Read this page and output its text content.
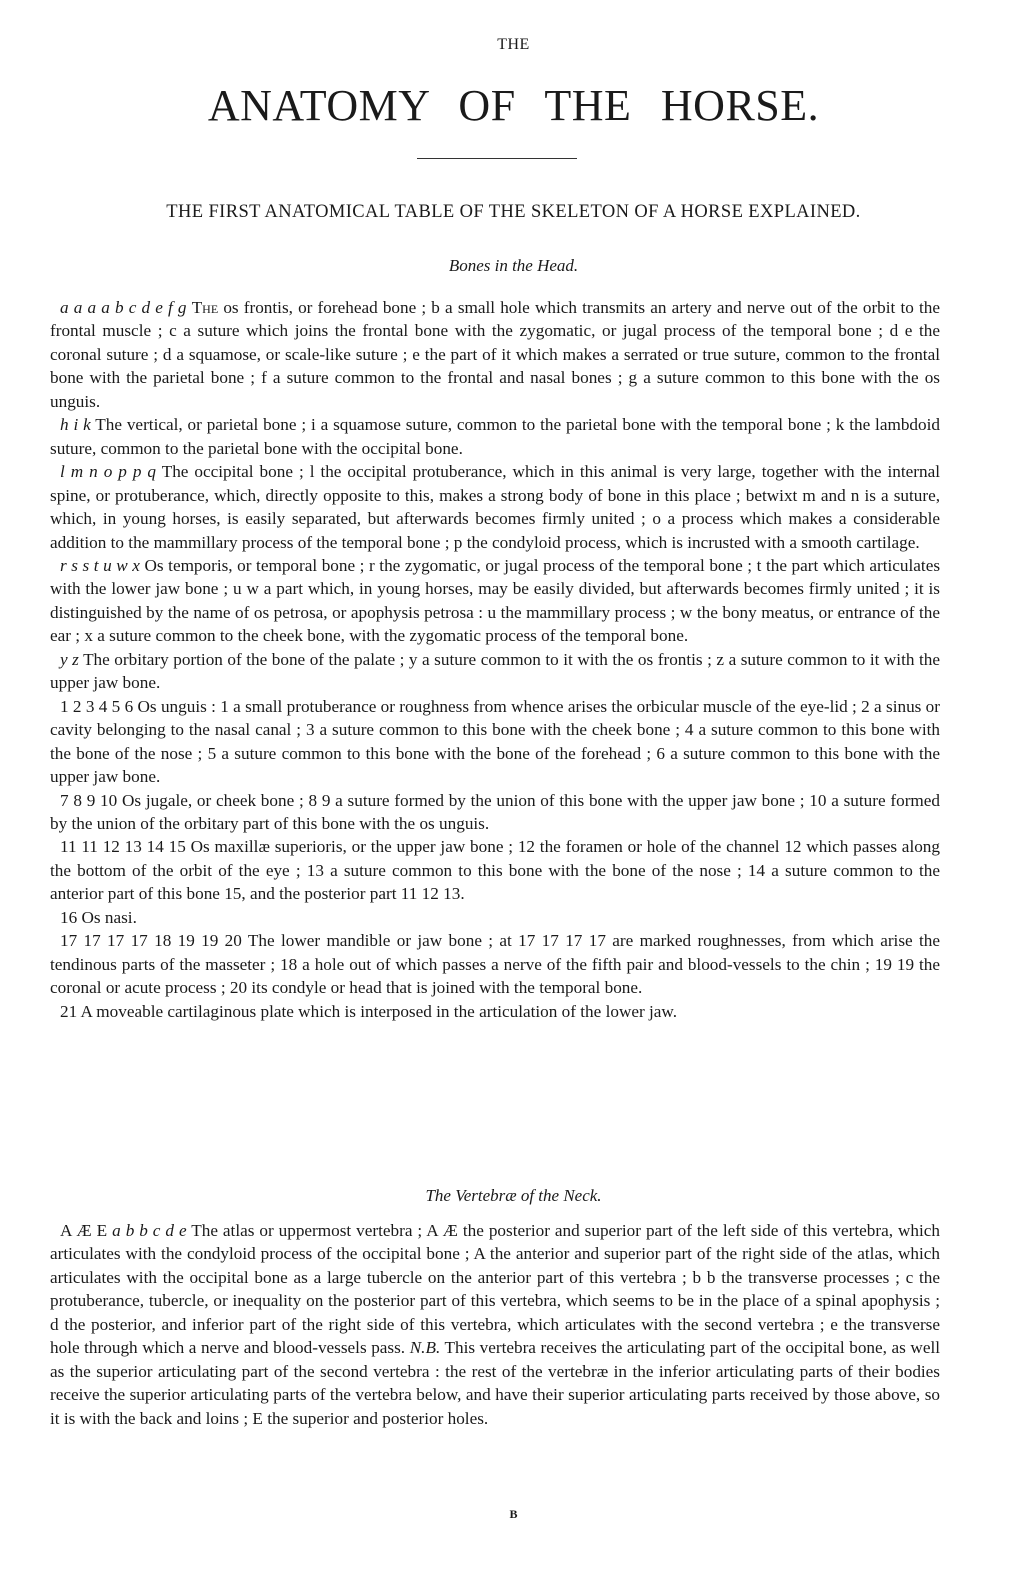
THE
ANATOMY OF THE HORSE.
THE FIRST ANATOMICAL TABLE OF THE SKELETON OF A HORSE EXPLAINED.
Bones in the Head.

a a a a b c d e f g The os frontis, or forehead bone ; b a small hole which transmits an artery and nerve out of the orbit to the frontal muscle ; c a suture which joins the frontal bone with the zygomatic, or jugal process of the temporal bone ; d e the coronal suture ; d a squamose, or scale-like suture ; e the part of it which makes a serrated or true suture, common to the frontal bone with the parietal bone ; f a suture common to the frontal and nasal bones ; g a suture common to this bone with the os unguis.

h i k The vertical, or parietal bone ; i a squamose suture, common to the parietal bone with the temporal bone ; k the lambdoid suture, common to the parietal bone with the occipital bone.

l m n o p p q The occipital bone ; l the occipital protuberance, which in this animal is very large, together with the internal spine, or protuberance, which, directly opposite to this, makes a strong body of bone in this place ; betwixt m and n is a suture, which, in young horses, is easily separated, but afterwards becomes firmly united ; o a process which makes a considerable addition to the mammillary process of the temporal bone ; p the condyloid process, which is incrusted with a smooth cartilage.

r s s t u w x Os temporis, or temporal bone ; r the zygomatic, or jugal process of the temporal bone ; t the part which articulates with the lower jaw bone ; u w a part which, in young horses, may be easily divided, but afterwards becomes firmly united ; it is distinguished by the name of os petrosa, or apophysis petrosa : u the mammillary process ; w the bony meatus, or entrance of the ear ; x a suture common to the cheek bone, with the zygomatic process of the temporal bone.

y z The orbitary portion of the bone of the palate ; y a suture common to it with the os frontis ; z a suture common to it with the upper jaw bone.

1 2 3 4 5 6 Os unguis : 1 a small protuberance or roughness from whence arises the orbicular muscle of the eye-lid ; 2 a sinus or cavity belonging to the nasal canal ; 3 a suture common to this bone with the cheek bone ; 4 a suture common to this bone with the bone of the nose ; 5 a suture common to this bone with the bone of the forehead ; 6 a suture common to this bone with the upper jaw bone.

7 8 9 10 Os jugale, or cheek bone ; 8 9 a suture formed by the union of this bone with the upper jaw bone ; 10 a suture formed by the union of the orbitary part of this bone with the os unguis.

11 11 12 13 14 15 Os maxillæ superioris, or the upper jaw bone ; 12 the foramen or hole of the channel 12 which passes along the bottom of the orbit of the eye ; 13 a suture common to this bone with the bone of the nose ; 14 a suture common to the anterior part of this bone 15, and the posterior part 11 12 13.

16 Os nasi.

17 17 17 17 18 19 19 20 The lower mandible or jaw bone ; at 17 17 17 17 are marked roughnesses, from which arise the tendinous parts of the masseter ; 18 a hole out of which passes a nerve of the fifth pair and blood-vessels to the chin ; 19 19 the coronal or acute process ; 20 its condyle or head that is joined with the temporal bone.

21 A moveable cartilaginous plate which is interposed in the articulation of the lower jaw.

The Vertebræ of the Neck.

A Æ E a b b c d e The atlas or uppermost vertebra ; A Æ the posterior and superior part of the left side of this vertebra, which articulates with the condyloid process of the occipital bone ; A the anterior and superior part of the right side of the atlas, which articulates with the occipital bone as a large tubercle on the anterior part of this vertebra ; b b the transverse processes ; c the protuberance, tubercle, or inequality on the posterior part of this vertebra, which seems to be in the place of a spinal apophysis ; d the posterior, and inferior part of the right side of this vertebra, which articulates with the second vertebra ; e the transverse hole through which a nerve and blood-vessels pass. N.B. This vertebra receives the articulating part of the occipital bone, as well as the superior articulating part of the second vertebra : the rest of the vertebræ in the inferior articulating parts of their bodies receive the superior articulating parts of the vertebra below, and have their superior articulating parts received by those above, so it is with the back and loins ; E the superior and posterior holes.

B
